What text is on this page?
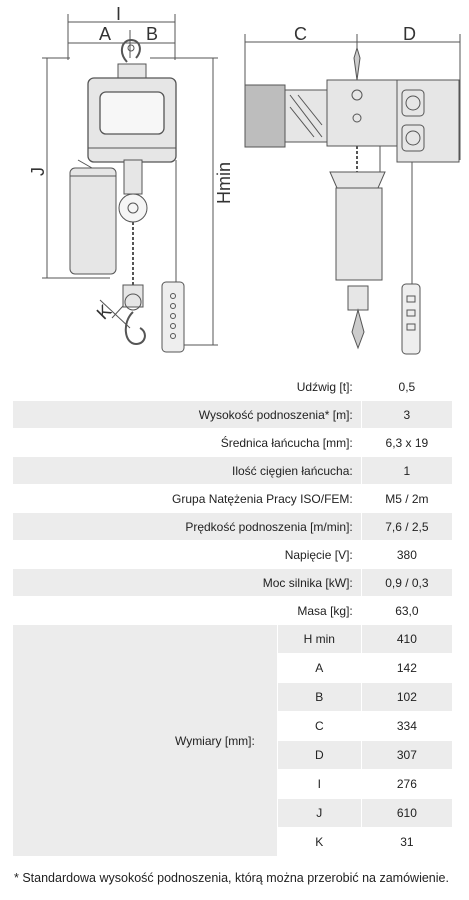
I
A B	C	D
J	Hmin
K
Udźwig [t]:		0,5
Wysokość podnoszenia* [m]:		3
Średnica łańcucha [mm]:		6,3 x 19
Ilość cięgien łańcucha:		1
Grupa Natężenia Pracy ISO/FEM:		M5 / 2m
Prędkość podnoszenia [m/min]:		7,6 / 2,5
Napięcie [V]:		380
Moc silnika [kW]:		0,9 / 0,3
Masa [kg]:		63,0
Wymiary [mm]:	H min	410
	A	142
	B	102
	C	334
	D	307
	I	276
	J	610
	K	31
* Standardowa wysokość podnoszenia, którą można przerobić na zamówienie.
